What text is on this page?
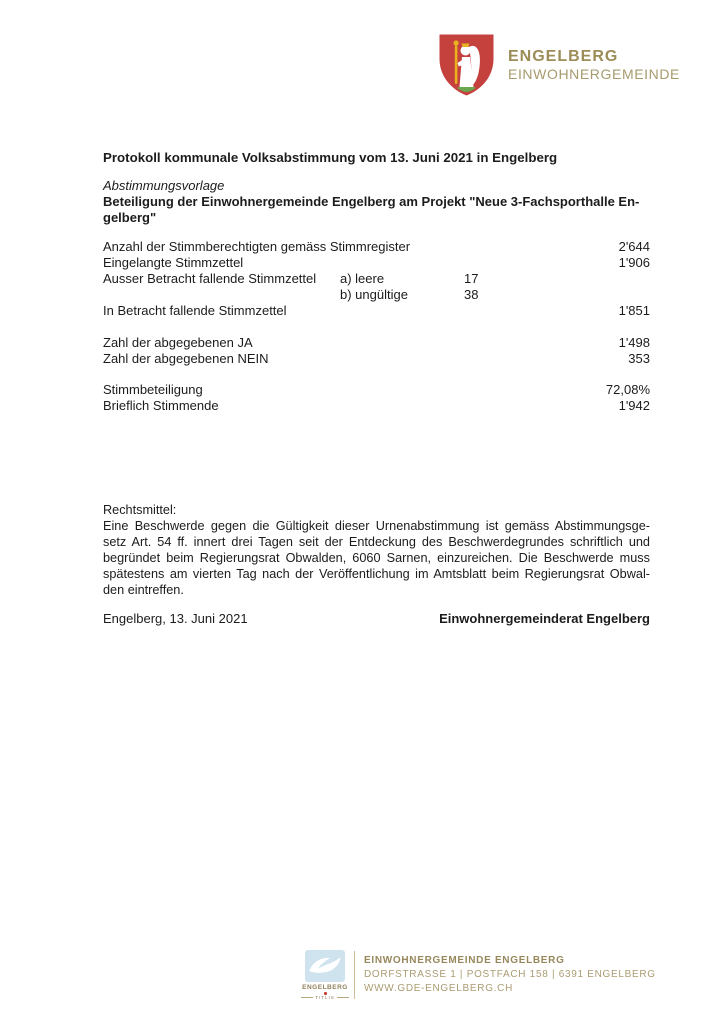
ENGELBERG
EINWOHNERGEMEINDE
Protokoll kommunale Volksabstimmung vom 13. Juni 2021 in Engelberg
Abstimmungsvorlage
Beteiligung der Einwohnergemeinde Engelberg am Projekt "Neue 3-Fachsporthalle En-
gelberg"
Anzahl der Stimmberechtigten gemäss Stimmregister	2'644
Eingelangte Stimmzettel	1'906
Ausser Betracht fallende Stimmzettel a) leere	17
b) ungültige	38
In Betracht fallende Stimmzettel	1'851
Zahl der abgegebenen JA	1'498
Zahl der abgegebenen NEIN	353
Stimmbeteiligung	72,08%
Brieflich Stimmende	1'942
Rechtsmittel:
Eine Beschwerde gegen die Gültigkeit dieser Urnenabstimmung ist gemäss Abstimmungsge-
setz Art. 54 ff. innert drei Tagen seit der Entdeckung des Beschwerdegrundes schriftlich und
begründet beim Regierungsrat Obwalden, 6060 Sarnen, einzureichen. Die Beschwerde muss
spätestens am vierten Tag nach der Veröffentlichung im Amtsblatt beim Regierungsrat Obwal-
den eintreffen.
Engelberg, 13. Juni 2021	Einwohnergemeinderat Engelberg
ENGELBERG
TITLIS
EINWOHNERGEMEINDE ENGELBERG
DORFSTRASSE 1 | POSTFACH 158 | 6391 ENGELBERG
WWW.GDE-ENGELBERG.CH
